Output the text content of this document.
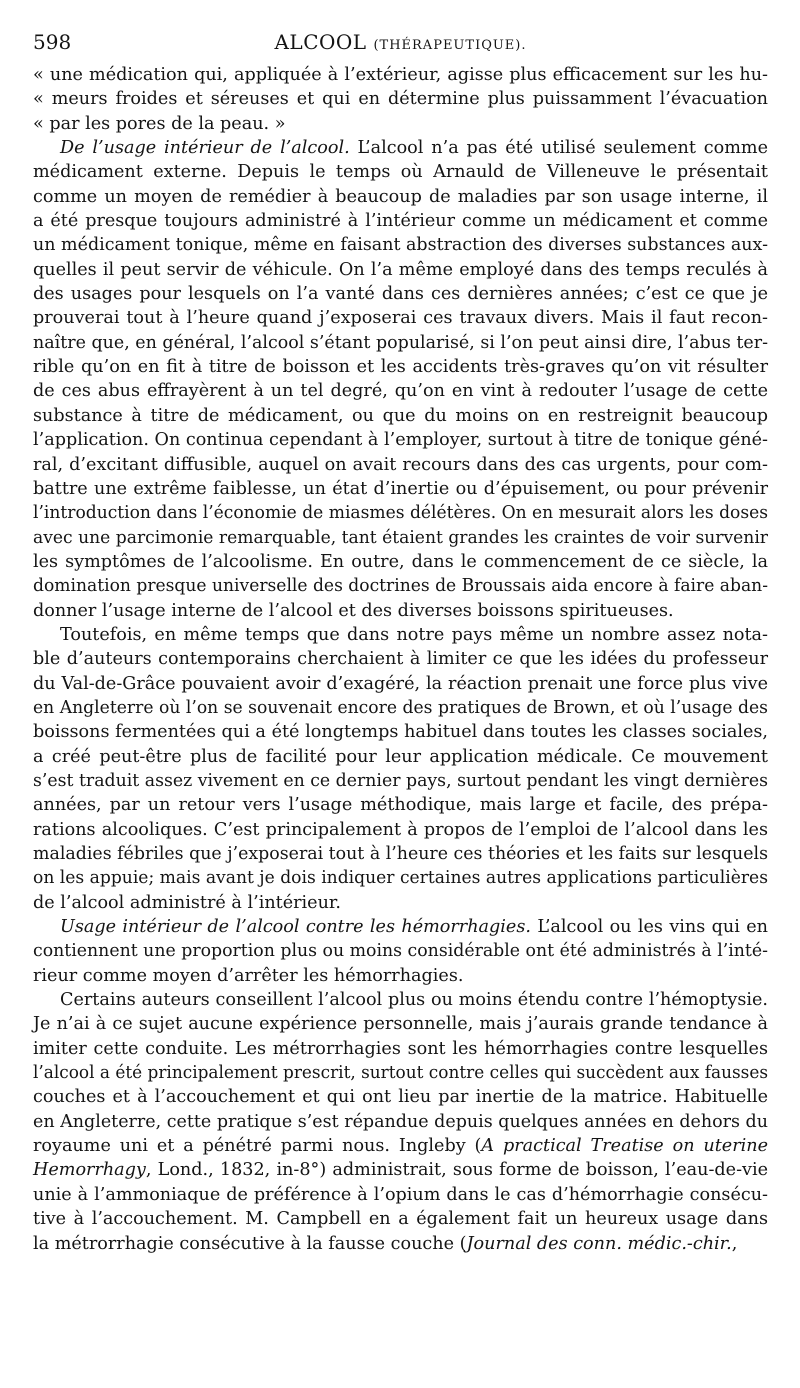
598	ALCOOL (THÉRAPEUTIQUE).
« une médication qui, appliquée à l’extérieur, agisse plus efficacement sur les hu-
« meurs froides et séreuses et qui en détermine plus puissamment l’évacuation
« par les pores de la peau. »
De l’usage intérieur de l’alcool. L’alcool n’a pas été utilisé seulement comme
médicament externe. Depuis le temps où Arnauld de Villeneuve le présentait
comme un moyen de remédier à beaucoup de maladies par son usage interne, il
a été presque toujours administré à l’intérieur comme un médicament et comme
un médicament tonique, même en faisant abstraction des diverses substances aux-
quelles il peut servir de véhicule. On l’a même employé dans des temps reculés à
des usages pour lesquels on l’a vanté dans ces dernières années; c’est ce que je
prouverai tout à l’heure quand j’exposerai ces travaux divers. Mais il faut recon-
naître que, en général, l’alcool s’étant popularisé, si l’on peut ainsi dire, l’abus ter-
rible qu’on en fit à titre de boisson et les accidents très-graves qu’on vit résulter
de ces abus effrayèrent à un tel degré, qu’on en vint à redouter l’usage de cette
substance à titre de médicament, ou que du moins on en restreignit beaucoup
l’application. On continua cependant à l’employer, surtout à titre de tonique géné-
ral, d’excitant diffusible, auquel on avait recours dans des cas urgents, pour com-
battre une extrême faiblesse, un état d’inertie ou d’épuisement, ou pour prévenir
l’introduction dans l’économie de miasmes délétères. On en mesurait alors les doses
avec une parcimonie remarquable, tant étaient grandes les craintes de voir survenir
les symptômes de l’alcoolisme. En outre, dans le commencement de ce siècle, la
domination presque universelle des doctrines de Broussais aida encore à faire aban-
donner l’usage interne de l’alcool et des diverses boissons spiritueuses.
Toutefois, en même temps que dans notre pays même un nombre assez nota-
ble d’auteurs contemporains cherchaient à limiter ce que les idées du professeur
du Val-de-Grâce pouvaient avoir d’exagéré, la réaction prenait une force plus vive
en Angleterre où l’on se souvenait encore des pratiques de Brown, et où l’usage des
boissons fermentées qui a été longtemps habituel dans toutes les classes sociales,
a créé peut-être plus de facilité pour leur application médicale. Ce mouvement
s’est traduit assez vivement en ce dernier pays, surtout pendant les vingt dernières
années, par un retour vers l’usage méthodique, mais large et facile, des prépa-
rations alcooliques. C’est principalement à propos de l’emploi de l’alcool dans les
maladies fébriles que j’exposerai tout à l’heure ces théories et les faits sur lesquels
on les appuie; mais avant je dois indiquer certaines autres applications particulières
de l’alcool administré à l’intérieur.
Usage intérieur de l’alcool contre les hémorrhagies. L’alcool ou les vins qui en
contiennent une proportion plus ou moins considérable ont été administrés à l’inté-
rieur comme moyen d’arrêter les hémorrhagies.
Certains auteurs conseillent l’alcool plus ou moins étendu contre l’hémoptysie.
Je n’ai à ce sujet aucune expérience personnelle, mais j’aurais grande tendance à
imiter cette conduite. Les métrorrhagies sont les hémorrhagies contre lesquelles
l’alcool a été principalement prescrit, surtout contre celles qui succèdent aux fausses
couches et à l’accouchement et qui ont lieu par inertie de la matrice. Habituelle
en Angleterre, cette pratique s’est répandue depuis quelques années en dehors du
royaume uni et a pénétré parmi nous. Ingleby (A practical Treatise on uterine
Hemorrhagy, Lond., 1832, in-8°) administrait, sous forme de boisson, l’eau-de-vie
unie à l’ammoniaque de préférence à l’opium dans le cas d’hémorrhagie consécu-
tive à l’accouchement. M. Campbell en a également fait un heureux usage dans
la métrorrhagie consécutive à la fausse couche (Journal des conn. médic.-chir.,
